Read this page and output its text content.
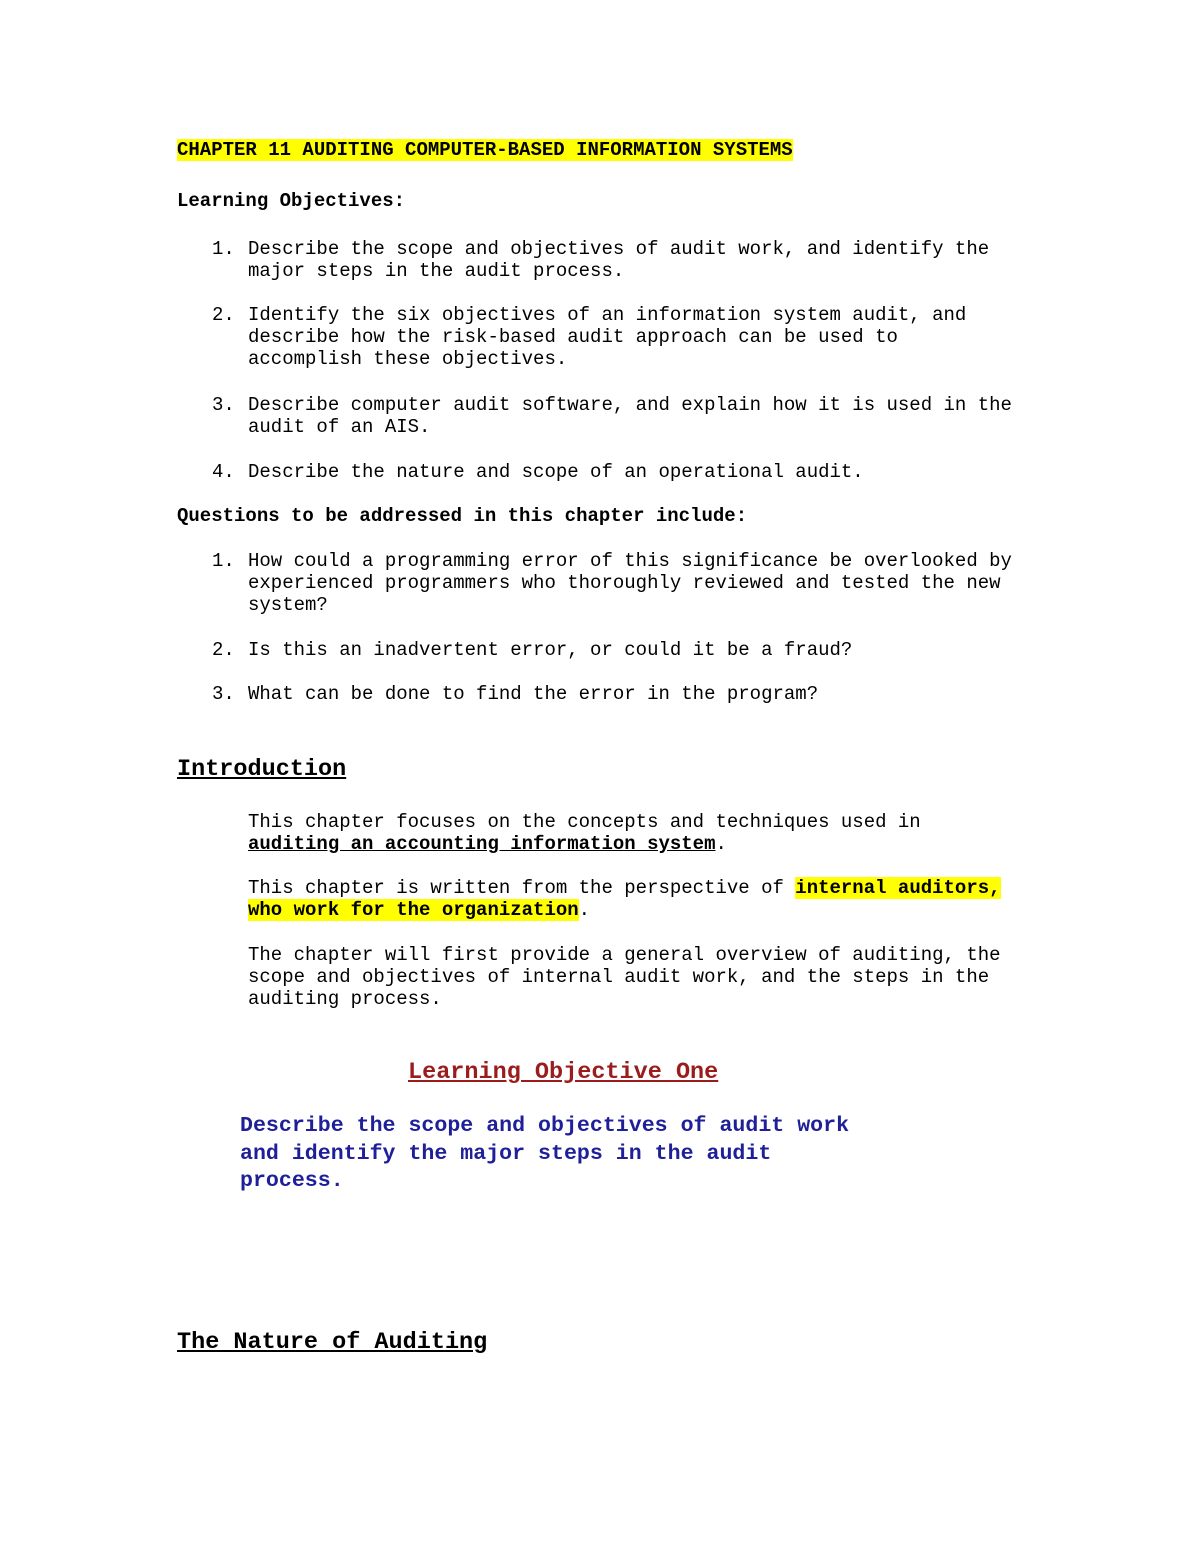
CHAPTER 11 AUDITING COMPUTER-BASED INFORMATION SYSTEMS
Learning Objectives:
1. Describe the scope and objectives of audit work, and identify the major steps in the audit process.
2. Identify the six objectives of an information system audit, and describe how the risk-based audit approach can be used to accomplish these objectives.
3. Describe computer audit software, and explain how it is used in the audit of an AIS.
4. Describe the nature and scope of an operational audit.
Questions to be addressed in this chapter include:
1. How could a programming error of this significance be overlooked by experienced programmers who thoroughly reviewed and tested the new system?
2. Is this an inadvertent error, or could it be a fraud?
3. What can be done to find the error in the program?
Introduction
This chapter focuses on the concepts and techniques used in auditing an accounting information system.
This chapter is written from the perspective of internal auditors, who work for the organization.
The chapter will first provide a general overview of auditing, the scope and objectives of internal audit work, and the steps in the auditing process.
Learning Objective One
Describe the scope and objectives of audit work and identify the major steps in the audit process.
The Nature of Auditing
